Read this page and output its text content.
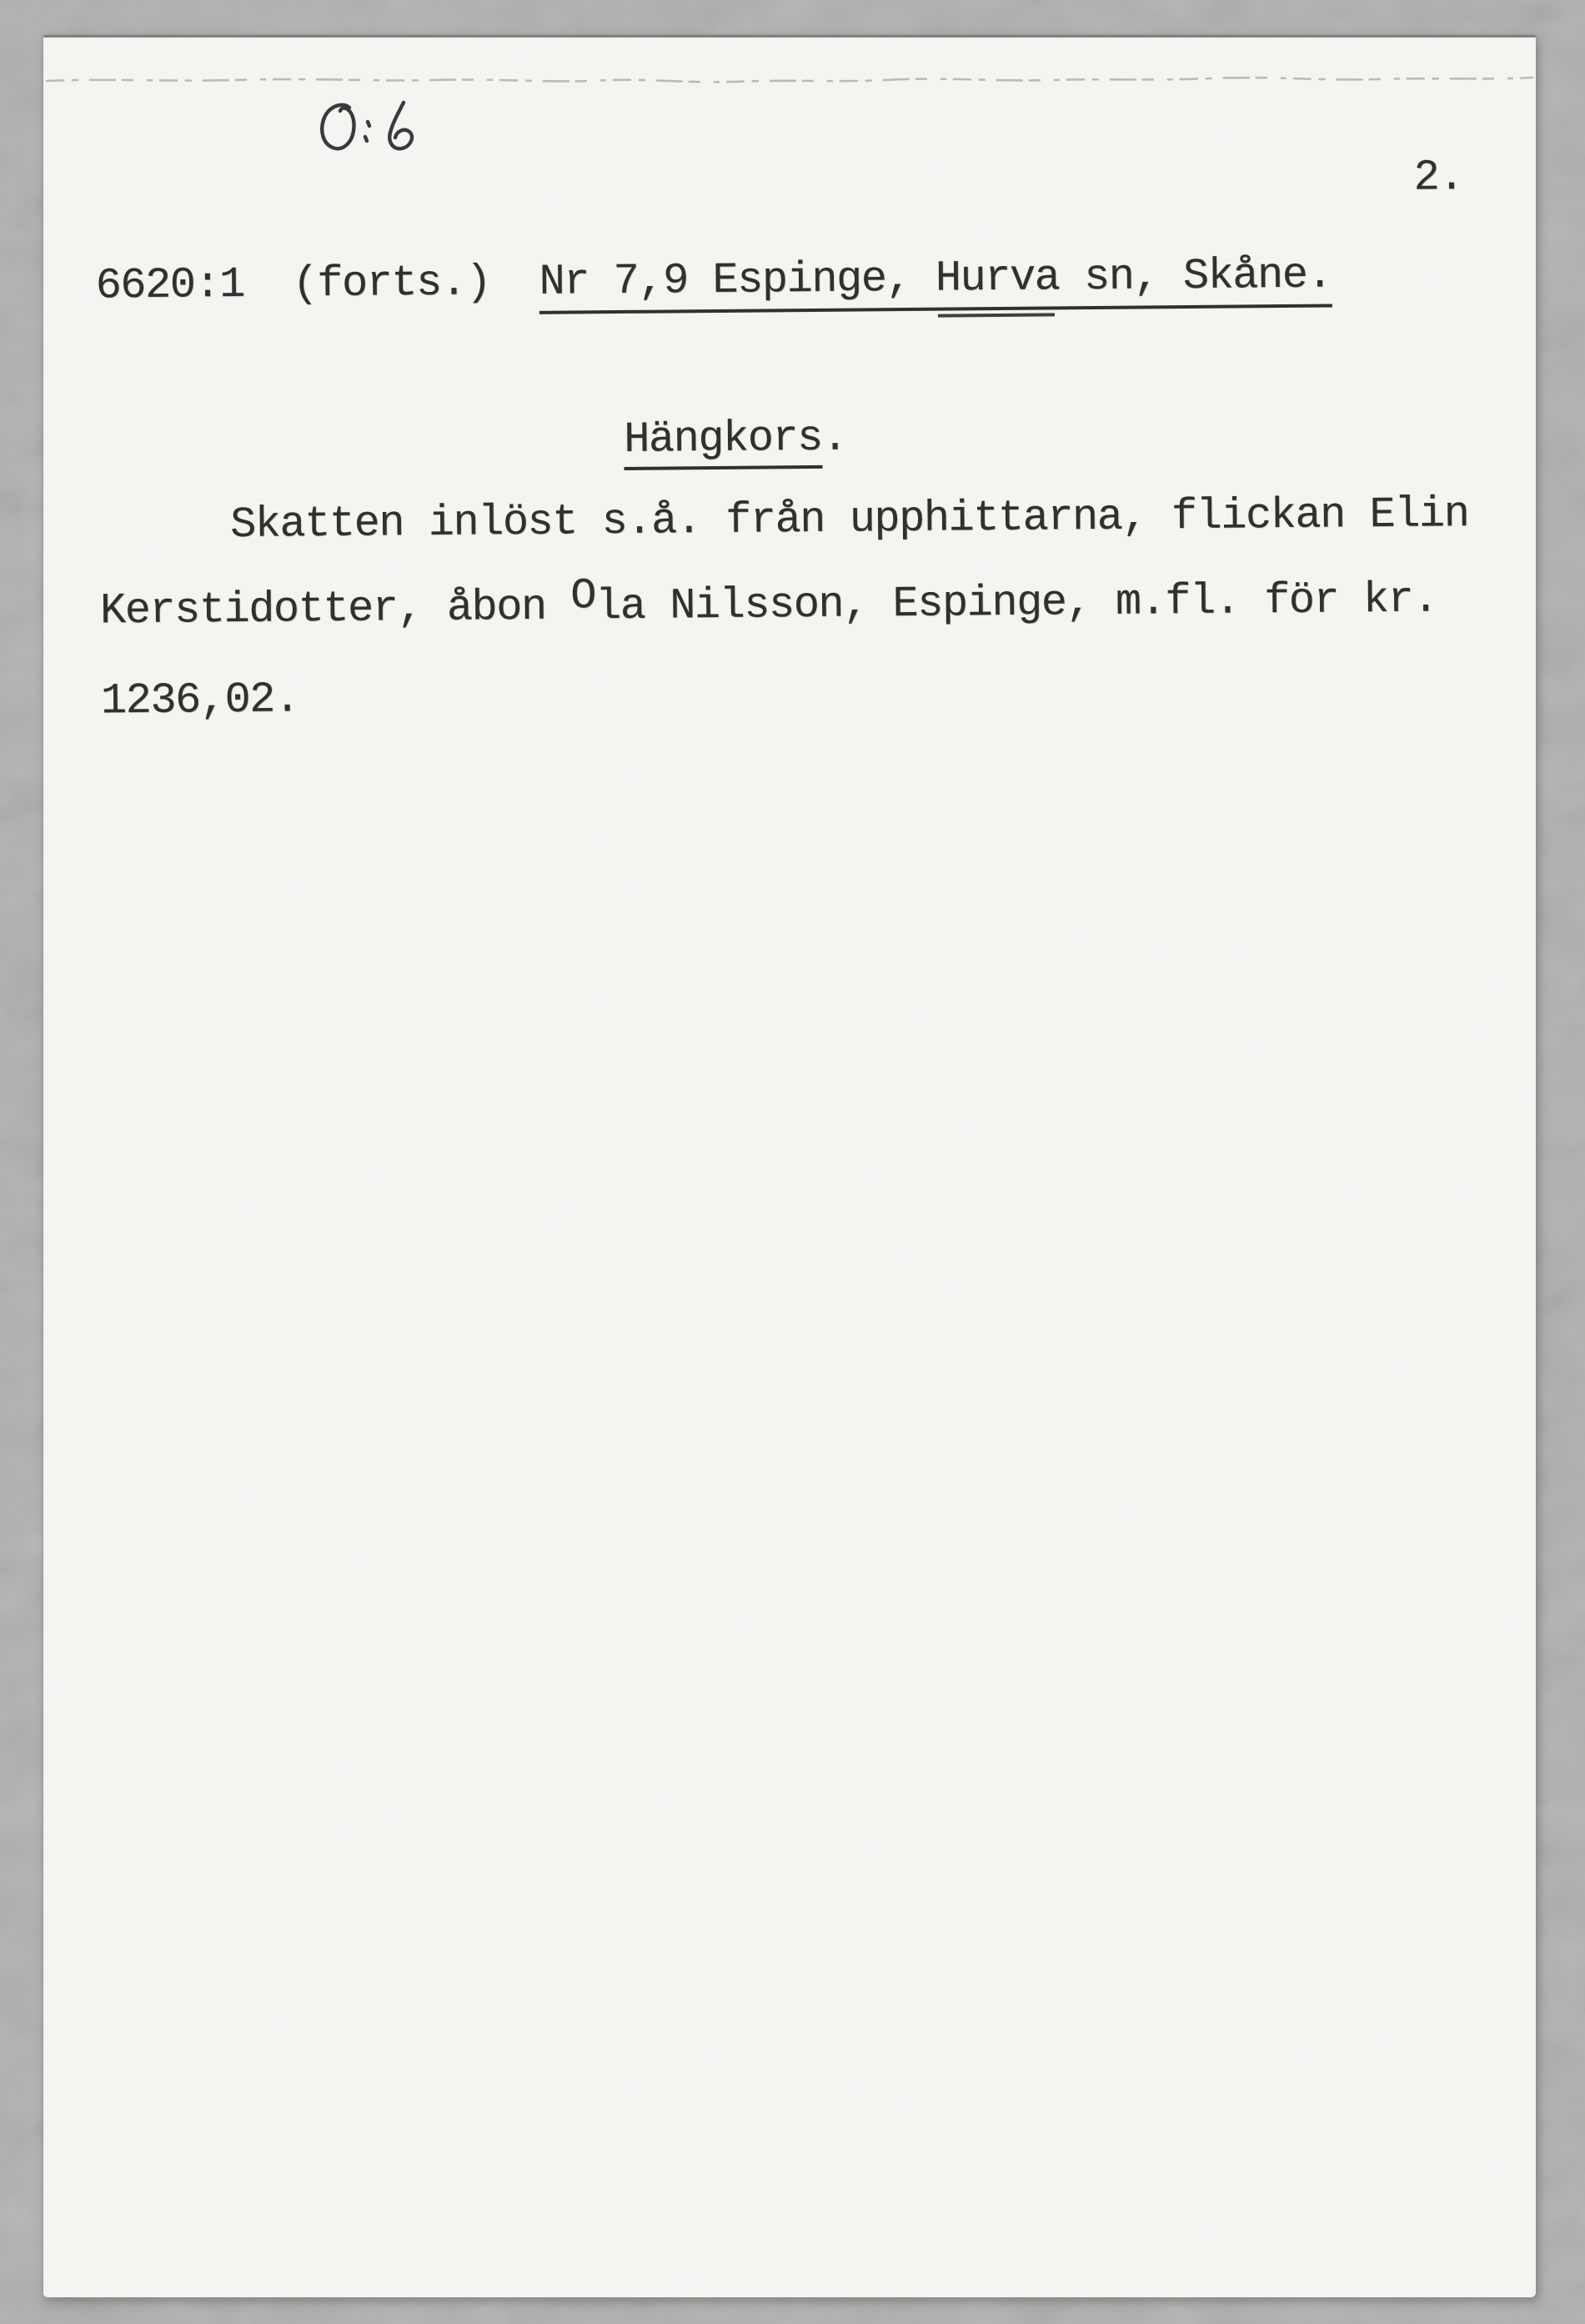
2.

6620:1

(forts.)

Nr 7,9 Espinge, Hurva sn, Skåne.

Hängkors.
Skatten inlöst s.å. från upphittarna, flickan Elin
Kerstidotter, åbon Ola Nilsson, Espinge, m.fl. för kr.
1236,02.
